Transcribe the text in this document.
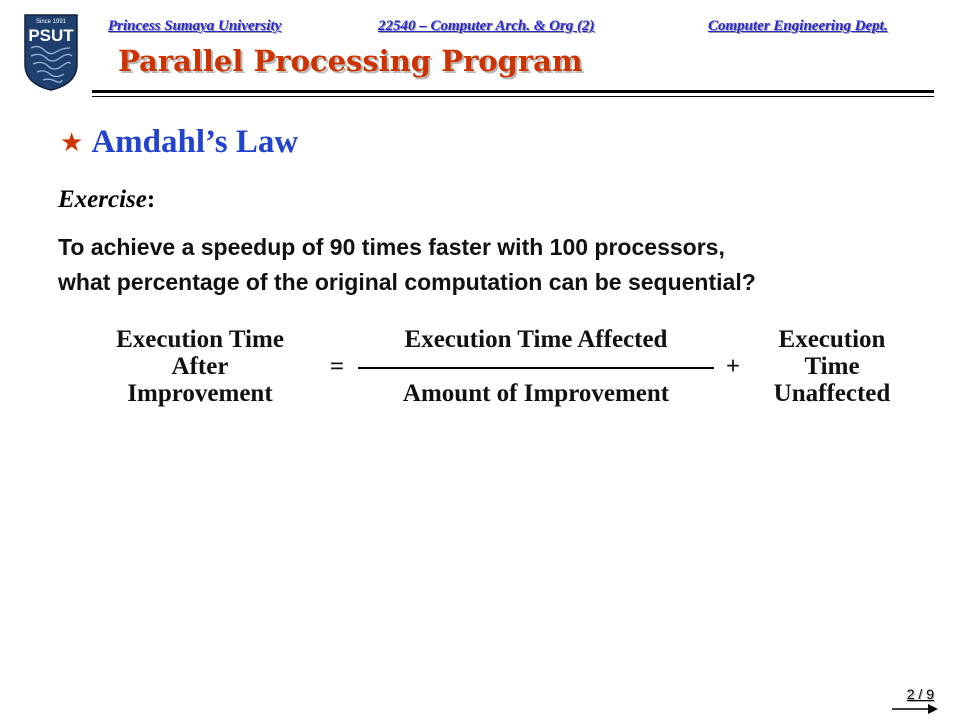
Since 1991
PSUT Princess Sumaya University	22540 – Computer Arch. & Org (2)	Computer Engineering Dept.
Parallel Processing Program
★ Amdahl’s Law
Exercise:
To achieve a speedup of 90 times faster with 100 processors,
what percentage of the original computation can be sequential?
Execution Time
After
Improvement
=
Execution Time Affected
Amount of Improvement
+
Execution
Time
Unaffected
2 / 9
